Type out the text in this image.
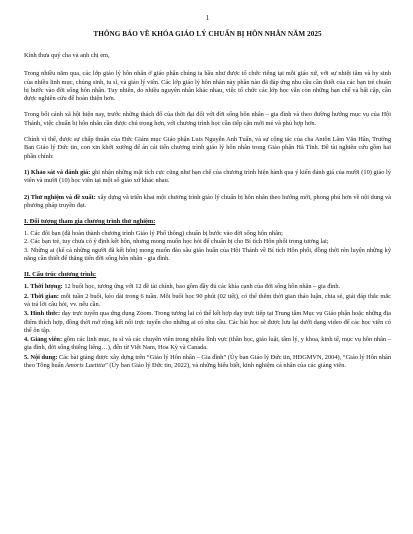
1
THÔNG BÁO VỀ KHÓA GIÁO LÝ CHUẨN BỊ HÔN NHÂN NĂM 2025

Kính thưa quý cha và anh chị em,

Trong nhiều năm qua, các lớp giáo lý hôn nhân ở giáo phận chúng ta hầu như được tổ chức riêng tại mỗi giáo xứ, với sự nhiệt tâm và hy sinh của nhiều linh mục, chủng sinh, tu sĩ, và giáo lý viên. Các lớp giáo lý hôn nhân này phần nào đã đáp ứng nhu cầu cần thiết của các bạn trẻ chuẩn bị bước vào đời sống hôn nhân. Tuy nhiên, do nhiều nguyên nhân khác nhau, việc tổ chức các lớp học vẫn còn những hạn chế và bất cập, cần được nghiên cứu để hoàn thiện hơn.

Trong bối cảnh xã hội hiện nay, trước những thách đố của thời đại đối với đời sống hôn nhân – gia đình và theo đường hướng mục vụ của Hội Thánh, việc chuẩn bị hôn nhân cần được chú trọng hơn, với chương trình học cần tiếp cận mới mẻ và phù hợp hơn.

Chính vì thế, được sự chấp thuận của Đức Giám mục Giáo phận Luis Nguyễn Anh Tuấn, và sự cộng tác của cha Antôn Lâm Văn Hân, Trưởng Ban Giáo lý Đức tin, con xin khởi xướng để án cải tiến chương trình giáo lý hôn nhân trong Giáo phận Hà Tĩnh. Đề tài nghiên cứu gồm hai phần chính:

1) Khảo sát và đánh giá: ghi nhận những mặt tích cực cũng như hạn chế của chương trình hiện hành qua ý kiến đánh giá của mười (10) giáo lý viên và mười (10) học viên tại một số giáo xứ khác nhau.

2) Thử nghiệm và đề xuất: xây dựng và triển khai một chương trình giáo lý chuẩn bị hôn nhân theo hướng mới, phong phú hơn về nội dung và phương pháp truyền đạt.

I. Đổi tượng tham gia chương trình thử nghiệm:

1. Các đôi bạn (đã hoàn thành chương trình Giáo lý Phổ thông) chuẩn bị bước vào đời sống hôn nhân;

2. Các bạn trẻ, tuy chưa có ý định kết hôn, nhưng mong muốn học hỏi để chuẩn bị cho Bí tích Hôn phối trong tương lai;

3. Những ai (kể cả những người đã kết hôn) mong muốn đào sâu giáo huấn của Hội Thánh về Bí tích Hôn phối, đồng thời rèn luyện những kỹ năng cần thiết để thăng tiến đời sống hôn nhân - gia đình.

II. Cấu trúc chương trình:

1. Thời lượng: 12 buổi học, tương ứng với 12 đề tài chính, bao gồm đầy đủ các khía cạnh của đời sống hôn nhân – gia đình.

2. Thời gian: mỗi tuần 2 buổi, kéo dài trong 6 tuần. Mỗi buổi học 90 phút (02 tiết), có thể thêm thời gian thảo luận, chia sẻ, giải đáp thắc mắc và trả lời câu hỏi, vv. nếu cần.

3. Hình thức: dạy trực tuyến qua ứng dụng Zoom. Trong tương lai có thể kết hợp dạy trực tiếp tại Trung tâm Mục vụ Giáo phận hoặc những địa điểm thích hợp, đồng thời mở rộng kết nối trực tuyến cho những ai có nhu cầu. Các bài học sẽ được lưu lại dưới dạng video để các học viên có thể ôn tập.

4. Giảng viên: gồm các linh mục, tu sĩ và các chuyên viên trong nhiều lĩnh vực (thần học, giáo luật, tâm lý, y khoa, kinh tế, mục vụ hôn nhân – gia đình, đời sống thiêng liêng…), đến từ Việt Nam, Hoa Kỳ và Canada.

5. Nội dung: Các bài giảng được xây dựng trên “Giáo lý Hôn nhân – Gia đình” (Ủy ban Giáo lý Đức tin, HĐGMVN, 2004), “Giáo lý Hôn nhân theo Tông huấn Amoris Laetitia” (Ủy ban Giáo lý Đức tin, 2022), và những hiểu biết, kinh nghiệm cá nhân của các giảng viên.
